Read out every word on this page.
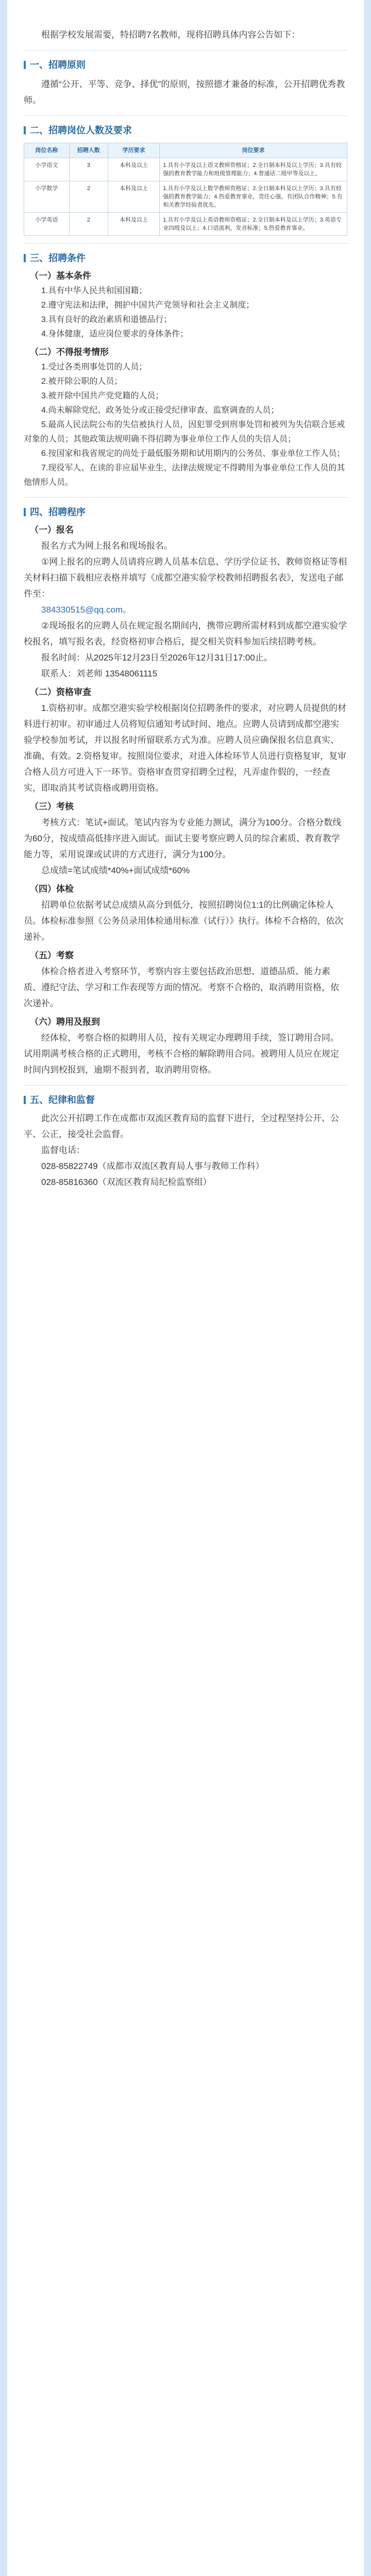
根据学校发展需要，特招聘7名教师，现将招聘具体内容公告如下：

一、招聘原则

遵循“公开、平等、竞争、择优”的原则，按照德才兼备的标准，公开招聘优秀教师。

二、招聘岗位人数及要求
岗位名称	招聘人数	学历要求	岗位要求
小学语文	3	本科及以上	1.具有小学及以上语文教师资格证；2.全日制本科及以上学历；3.具有较强的教育教学能力和班级管理能力；4.普通话二级甲等及以上。
小学数学	2	本科及以上	1.具有小学及以上数学教师资格证；2.全日制本科及以上学历；3.具有较强的教育教学能力；4.热爱教育事业，责任心强，有团队合作精神；5.有相关教学经验者优先。
小学英语	2	本科及以上	1.具有小学及以上英语教师资格证；2.全日制本科及以上学历；3.英语专业四级及以上；4.口语流利，发音标准；5.热爱教育事业。
三、招聘条件

（一）基本条件

1.具有中华人民共和国国籍；

2.遵守宪法和法律，拥护中国共产党领导和社会主义制度；

3.具有良好的政治素质和道德品行；

4.身体健康，适应岗位要求的身体条件；

（二）不得报考情形

1.受过各类刑事处罚的人员；

2.被开除公职的人员；

3.被开除中国共产党党籍的人员；

4.尚未解除党纪、政务处分或正接受纪律审查、监察调查的人员；

5.最高人民法院公布的失信被执行人员，因犯罪受到刑事处罚和被列为失信联合惩戒对象的人员；其他政策法规明确不得招聘为事业单位工作人员的失信人员；

6.按国家和我省规定的尚处于最低服务期和试用期内的公务员、事业单位工作人员；

7.现役军人、在读的非应届毕业生、法律法规规定不得聘用为事业单位工作人员的其他情形人员。

四、招聘程序

（一）报名

报名方式为网上报名和现场报名。

①网上报名的应聘人员请将应聘人员基本信息、学历学位证书、教师资格证等相关材料扫描下载相应表格并填写《成都空港实验学校教师招聘报名表》，发送电子邮件至：

384330515@qq.com。

②现场报名的应聘人员在规定报名期间内，携带应聘所需材料到成都空港实验学校报名，填写报名表，经资格初审合格后，提交相关资料参加后续招聘考核。

报名时间：从2025年12月23日至2026年12月31日17:00止。

联系人：刘老师 13548061115

（二）资格审查

1.资格初审。成都空港实验学校根据岗位招聘条件的要求，对应聘人员提供的材料进行初审。初审通过人员将短信通知考试时间、地点。应聘人员请到成都空港实验学校参加考试，并以报名时所留联系方式为准。应聘人员应确保报名信息真实、准确、有效。2.资格复审。按照岗位要求，对进入体检环节人员进行资格复审，复审合格人员方可进入下一环节。资格审查贯穿招聘全过程，凡弄虚作假的，一经查实，即取消其考试资格或聘用资格。

（三）考核

考核方式：笔试+面试。笔试内容为专业能力测试，满分为100分。合格分数线为60分，按成绩高低排序进入面试。面试主要考察应聘人员的综合素质、教育教学能力等，采用说课或试讲的方式进行，满分为100分。

总成绩=笔试成绩*40%+面试成绩*60%

（四）体检

招聘单位依据考试总成绩从高分到低分，按照招聘岗位1:1的比例确定体检人员。体检标准参照《公务员录用体检通用标准（试行）》执行。体检不合格的，依次递补。

（五）考察

体检合格者进入考察环节，考察内容主要包括政治思想、道德品质、能力素质、遵纪守法、学习和工作表现等方面的情况。考察不合格的，取消聘用资格，依次递补。

（六）聘用及报到

经体检、考察合格的拟聘用人员，按有关规定办理聘用手续，签订聘用合同。试用期满考核合格的正式聘用，考核不合格的解除聘用合同。被聘用人员应在规定时间内到校报到，逾期不报到者，取消聘用资格。

五、纪律和监督

此次公开招聘工作在成都市双流区教育局的监督下进行，全过程坚持公开、公平、公正，接受社会监督。

监督电话：

028-85822749（成都市双流区教育局人事与教师工作科）

028-85816360（双流区教育局纪检监察组）
